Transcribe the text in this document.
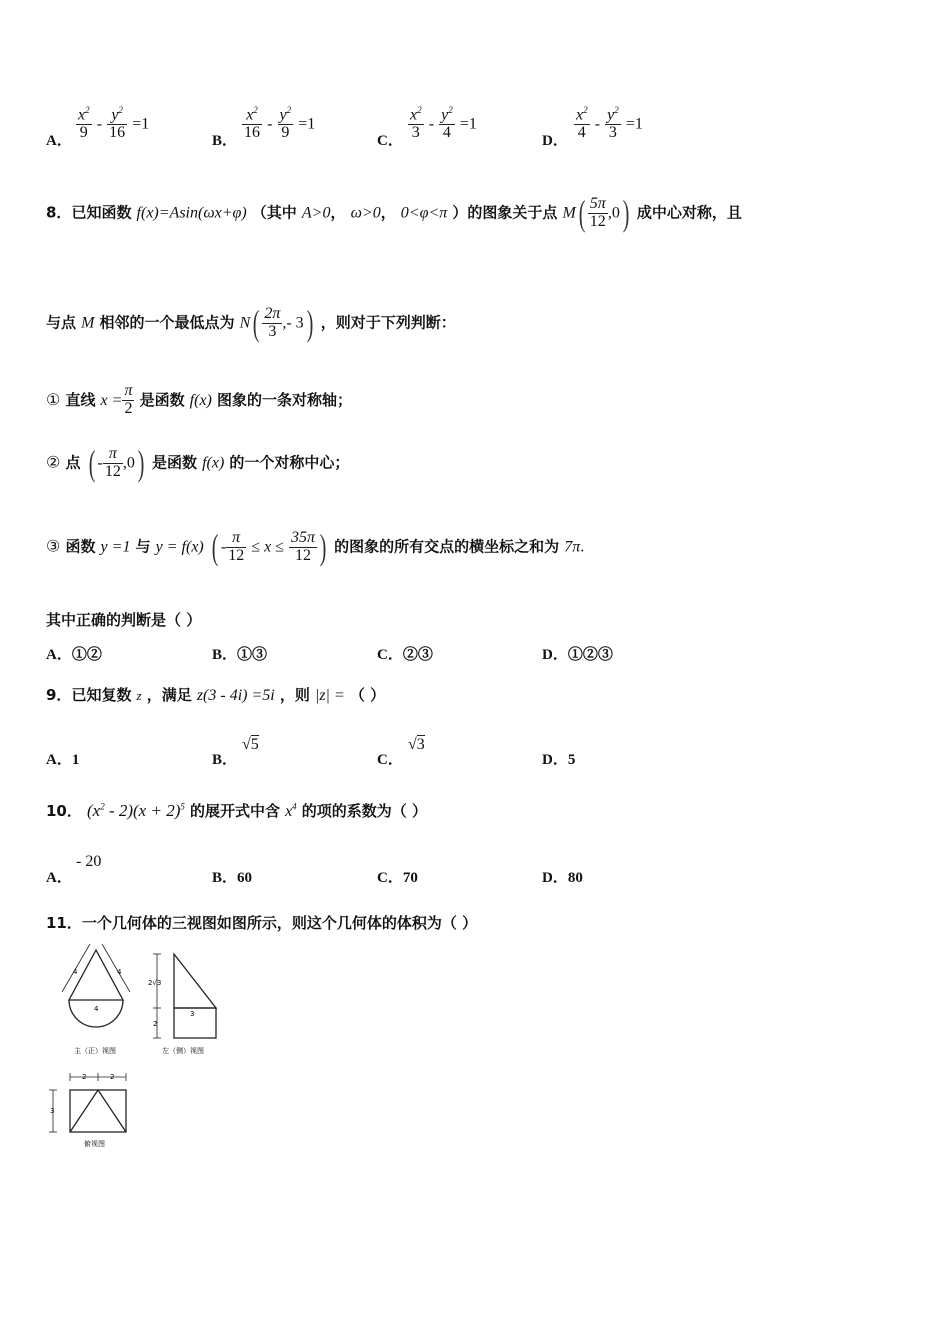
A． $\frac{x^2}{9} - \frac{y^2}{16} =1$
B． $\frac{x^2}{16} - \frac{y^2}{9} =1$
C． $\frac{x^2}{3} - \frac{y^2}{4} =1$
D． $\frac{x^2}{4} - \frac{y^2}{3} =1$
8．已知函数 f(x)=Asin(ωx+φ) （其中 A>0， ω>0， 0<φ<π ）的图象关于点 $M( \frac{5\pi}{12} ,0)$ 成中心对称，且
与点 M 相邻的一个最低点为 $N( \frac{2\pi}{3}$ ,- 3) ，则对于下列判断：
① 直线 $x = \frac{\pi}{2}$ 是函数 f(x) 图象的一条对称轴；
② 点 ( - $\frac{\pi}{12} ,0$) 是函数 f(x) 的一个对称中心；
③ 函数 y =1 与 y = f(x) ( - $\frac{\pi}{12} \le x \le \frac{35\pi}{12}$ ) 的图象的所有交点的横坐标之和为 7π.
其中正确的判断是（ ）
A．①②	B．①③	C．②③	D．①②③
9．已知复数 z ，满足 z(3 - 4i) =5i ，则 |z| = （ ）
A．1	B．
√5
C．
√3
D．5
10． $(x^2 - 2)(x + 2)^5$ 的展开式中含 $x^4$ 的项的系数为（ ）
A．
- 20
B．60	C．70	D．80
11．一个几何体的三视图如图所示，则这个几何体的体积为（ ）
4	4
4
主（正）视图
2√3
2
3
左（侧）视图
2	2
3
俯视图
